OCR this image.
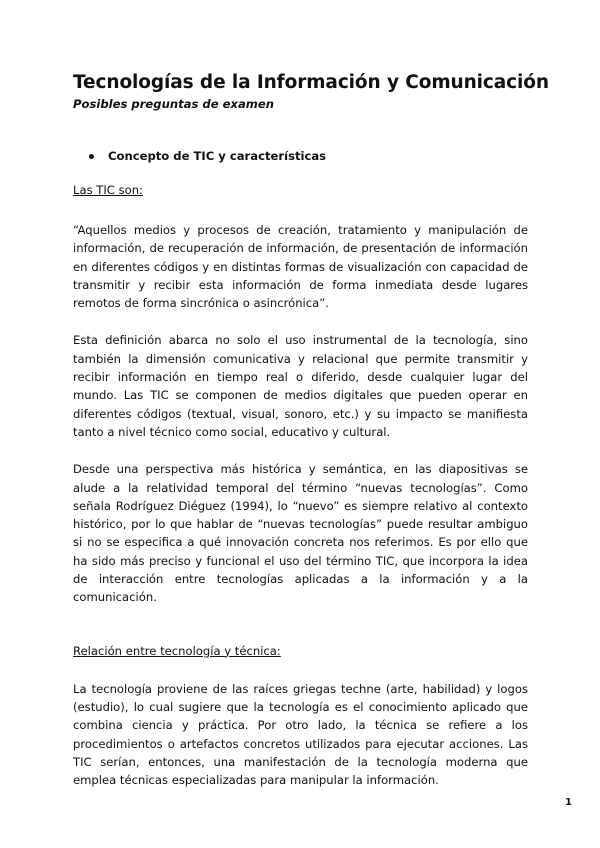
Tecnologías de la Información y Comunicación

Posibles preguntas de examen

Concepto de TIC y características

Las TIC son:

“Aquellos medios y procesos de creación, tratamiento y manipulación de información, de recuperación de información, de presentación de información en diferentes códigos y en distintas formas de visualización con capacidad de transmitir y recibir esta información de forma inmediata desde lugares remotos de forma sincrónica o asincrónica”.

Esta definición abarca no solo el uso instrumental de la tecnología, sino también la dimensión comunicativa y relacional que permite transmitir y recibir información en tiempo real o diferido, desde cualquier lugar del mundo. Las TIC se componen de medios digitales que pueden operar en diferentes códigos (textual, visual, sonoro, etc.) y su impacto se manifiesta tanto a nivel técnico como social, educativo y cultural.

Desde una perspectiva más histórica y semántica, en las diapositivas se alude a la relatividad temporal del término “nuevas tecnologías”. Como señala Rodríguez Diéguez (1994), lo “nuevo” es siempre relativo al contexto histórico, por lo que hablar de “nuevas tecnologías” puede resultar ambiguo si no se especifica a qué innovación concreta nos referimos. Es por ello que ha sido más preciso y funcional el uso del término TIC, que incorpora la idea de interacción entre tecnologías aplicadas a la información y a la comunicación.

Relación entre tecnología y técnica:

La tecnología proviene de las raíces griegas techne (arte, habilidad) y logos (estudio), lo cual sugiere que la tecnología es el conocimiento aplicado que combina ciencia y práctica. Por otro lado, la técnica se refiere a los procedimientos o artefactos concretos utilizados para ejecutar acciones. Las TIC serían, entonces, una manifestación de la tecnología moderna que emplea técnicas especializadas para manipular la información.

1
